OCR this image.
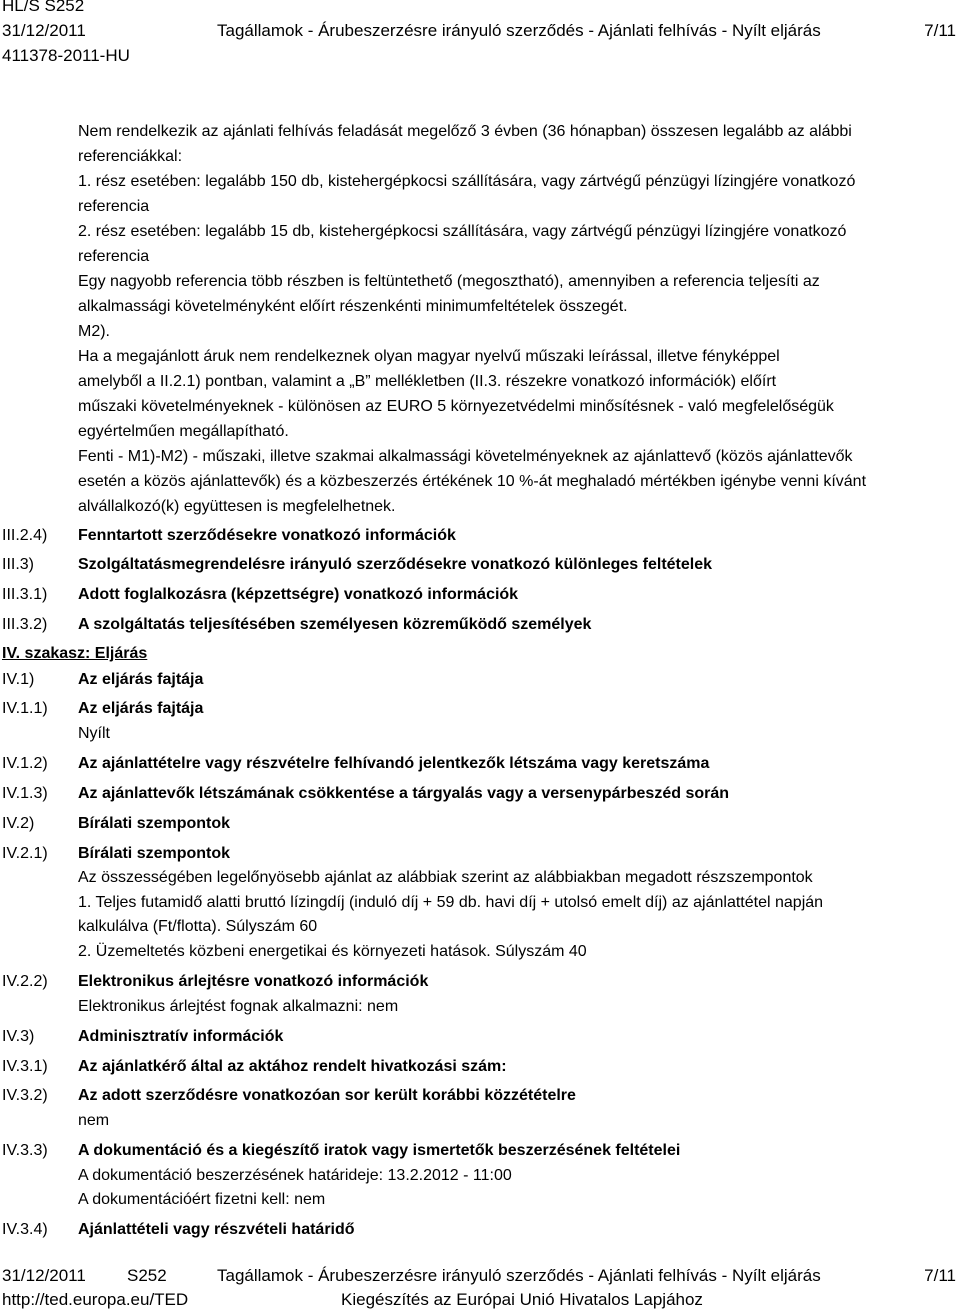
HL/S S252
31/12/2011
411378-2011-HU
Tagállamok - Árubeszerzésre irányuló szerződés - Ajánlati felhívás - Nyílt eljárás	7/11
Nem rendelkezik az ajánlati felhívás feladását megelőző 3 évben (36 hónapban) összesen legalább az alábbi
referenciákkal:
1. rész esetében: legalább 150 db, kistehergépkocsi szállítására, vagy zártvégű pénzügyi lízingjére vonatkozó
referencia
2. rész esetében: legalább 15 db, kistehergépkocsi szállítására, vagy zártvégű pénzügyi lízingjére vonatkozó
referencia
Egy nagyobb referencia több részben is feltüntethető (megosztható), amennyiben a referencia teljesíti az
alkalmassági követelményként előírt részenkénti minimumfeltételek összegét.
M2).
Ha a megajánlott áruk nem rendelkeznek olyan magyar nyelvű műszaki leírással, illetve fényképpel
amelyből a II.2.1) pontban, valamint a „B” mellékletben (II.3. részekre vonatkozó információk) előírt
műszaki követelményeknek - különösen az EURO 5 környezetvédelmi minősítésnek - való megfelelőségük
egyértelműen megállapítható.
Fenti - M1)-M2) - műszaki, illetve szakmai alkalmassági követelményeknek az ajánlattevő (közös ajánlattevők
esetén a közös ajánlattevők) és a közbeszerzés értékének 10 %-át meghaladó mértékben igénybe venni kívánt
alvállalkozó(k) együttesen is megfelelhetnek.
III.2.4) Fenntartott szerződésekre vonatkozó információk
III.3)	Szolgáltatásmegrendelésre irányuló szerződésekre vonatkozó különleges feltételek
III.3.1) Adott foglalkozásra (képzettségre) vonatkozó információk
III.3.2) A szolgáltatás teljesítésében személyesen közreműködő személyek
IV. szakasz: Eljárás
IV.1)	Az eljárás fajtája
IV.1.1) Az eljárás fajtája
Nyílt
IV.1.2) Az ajánlattételre vagy részvételre felhívandó jelentkezők létszáma vagy keretszáma
IV.1.3) Az ajánlattevők létszámának csökkentése a tárgyalás vagy a versenypárbeszéd során
IV.2)	Bírálati szempontok
IV.2.1) Bírálati szempontok
Az összességében legelőnyösebb ajánlat az alábbiak szerint az alábbiakban megadott részszempontok
1. Teljes futamidő alatti bruttó lízingdíj (induló díj + 59 db. havi díj + utolsó emelt díj) az ajánlattétel napján
kalkulálva (Ft/flotta). Súlyszám 60
2. Üzemeltetés közbeni energetikai és környezeti hatások. Súlyszám 40
IV.2.2) Elektronikus árlejtésre vonatkozó információk
Elektronikus árlejtést fognak alkalmazni: nem
IV.3)	Adminisztratív információk
IV.3.1) Az ajánlatkérő által az aktához rendelt hivatkozási szám:
IV.3.2) Az adott szerződésre vonatkozóan sor került korábbi közzétételre
nem
IV.3.3) A dokumentáció és a kiegészítő iratok vagy ismertetők beszerzésének feltételei
A dokumentáció beszerzésének határideje: 13.2.2012 - 11:00
A dokumentációért fizetni kell: nem
IV.3.4) Ajánlattételi vagy részvételi határidő
31/12/2011 S252	Tagállamok - Árubeszerzésre irányuló szerződés - Ajánlati felhívás - Nyílt eljárás	7/11
http://ted.europa.eu/TED	Kiegészítés az Európai Unió Hivatalos Lapjához
